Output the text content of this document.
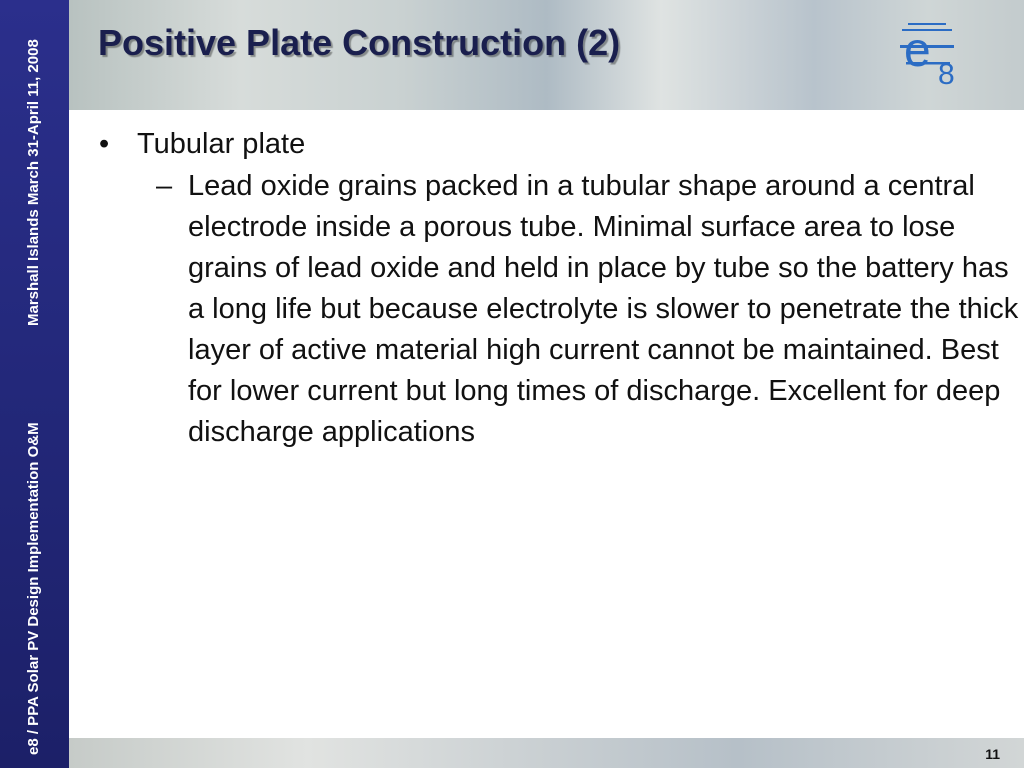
e8 / PPA Solar PV Design Implementation O&M
Marshall Islands March 31-April 11, 2008 Positive Plate Construction (2)	e 8
• Tubular plate
– Lead oxide grains packed in a tubular shape around a central electrode inside a porous tube. Minimal surface area to lose grains of lead oxide and held in place by tube so the battery has a long life but because electrolyte is slower to penetrate the thick layer of active material high current cannot be maintained. Best for lower current but long times of discharge. Excellent for deep discharge applications
11
